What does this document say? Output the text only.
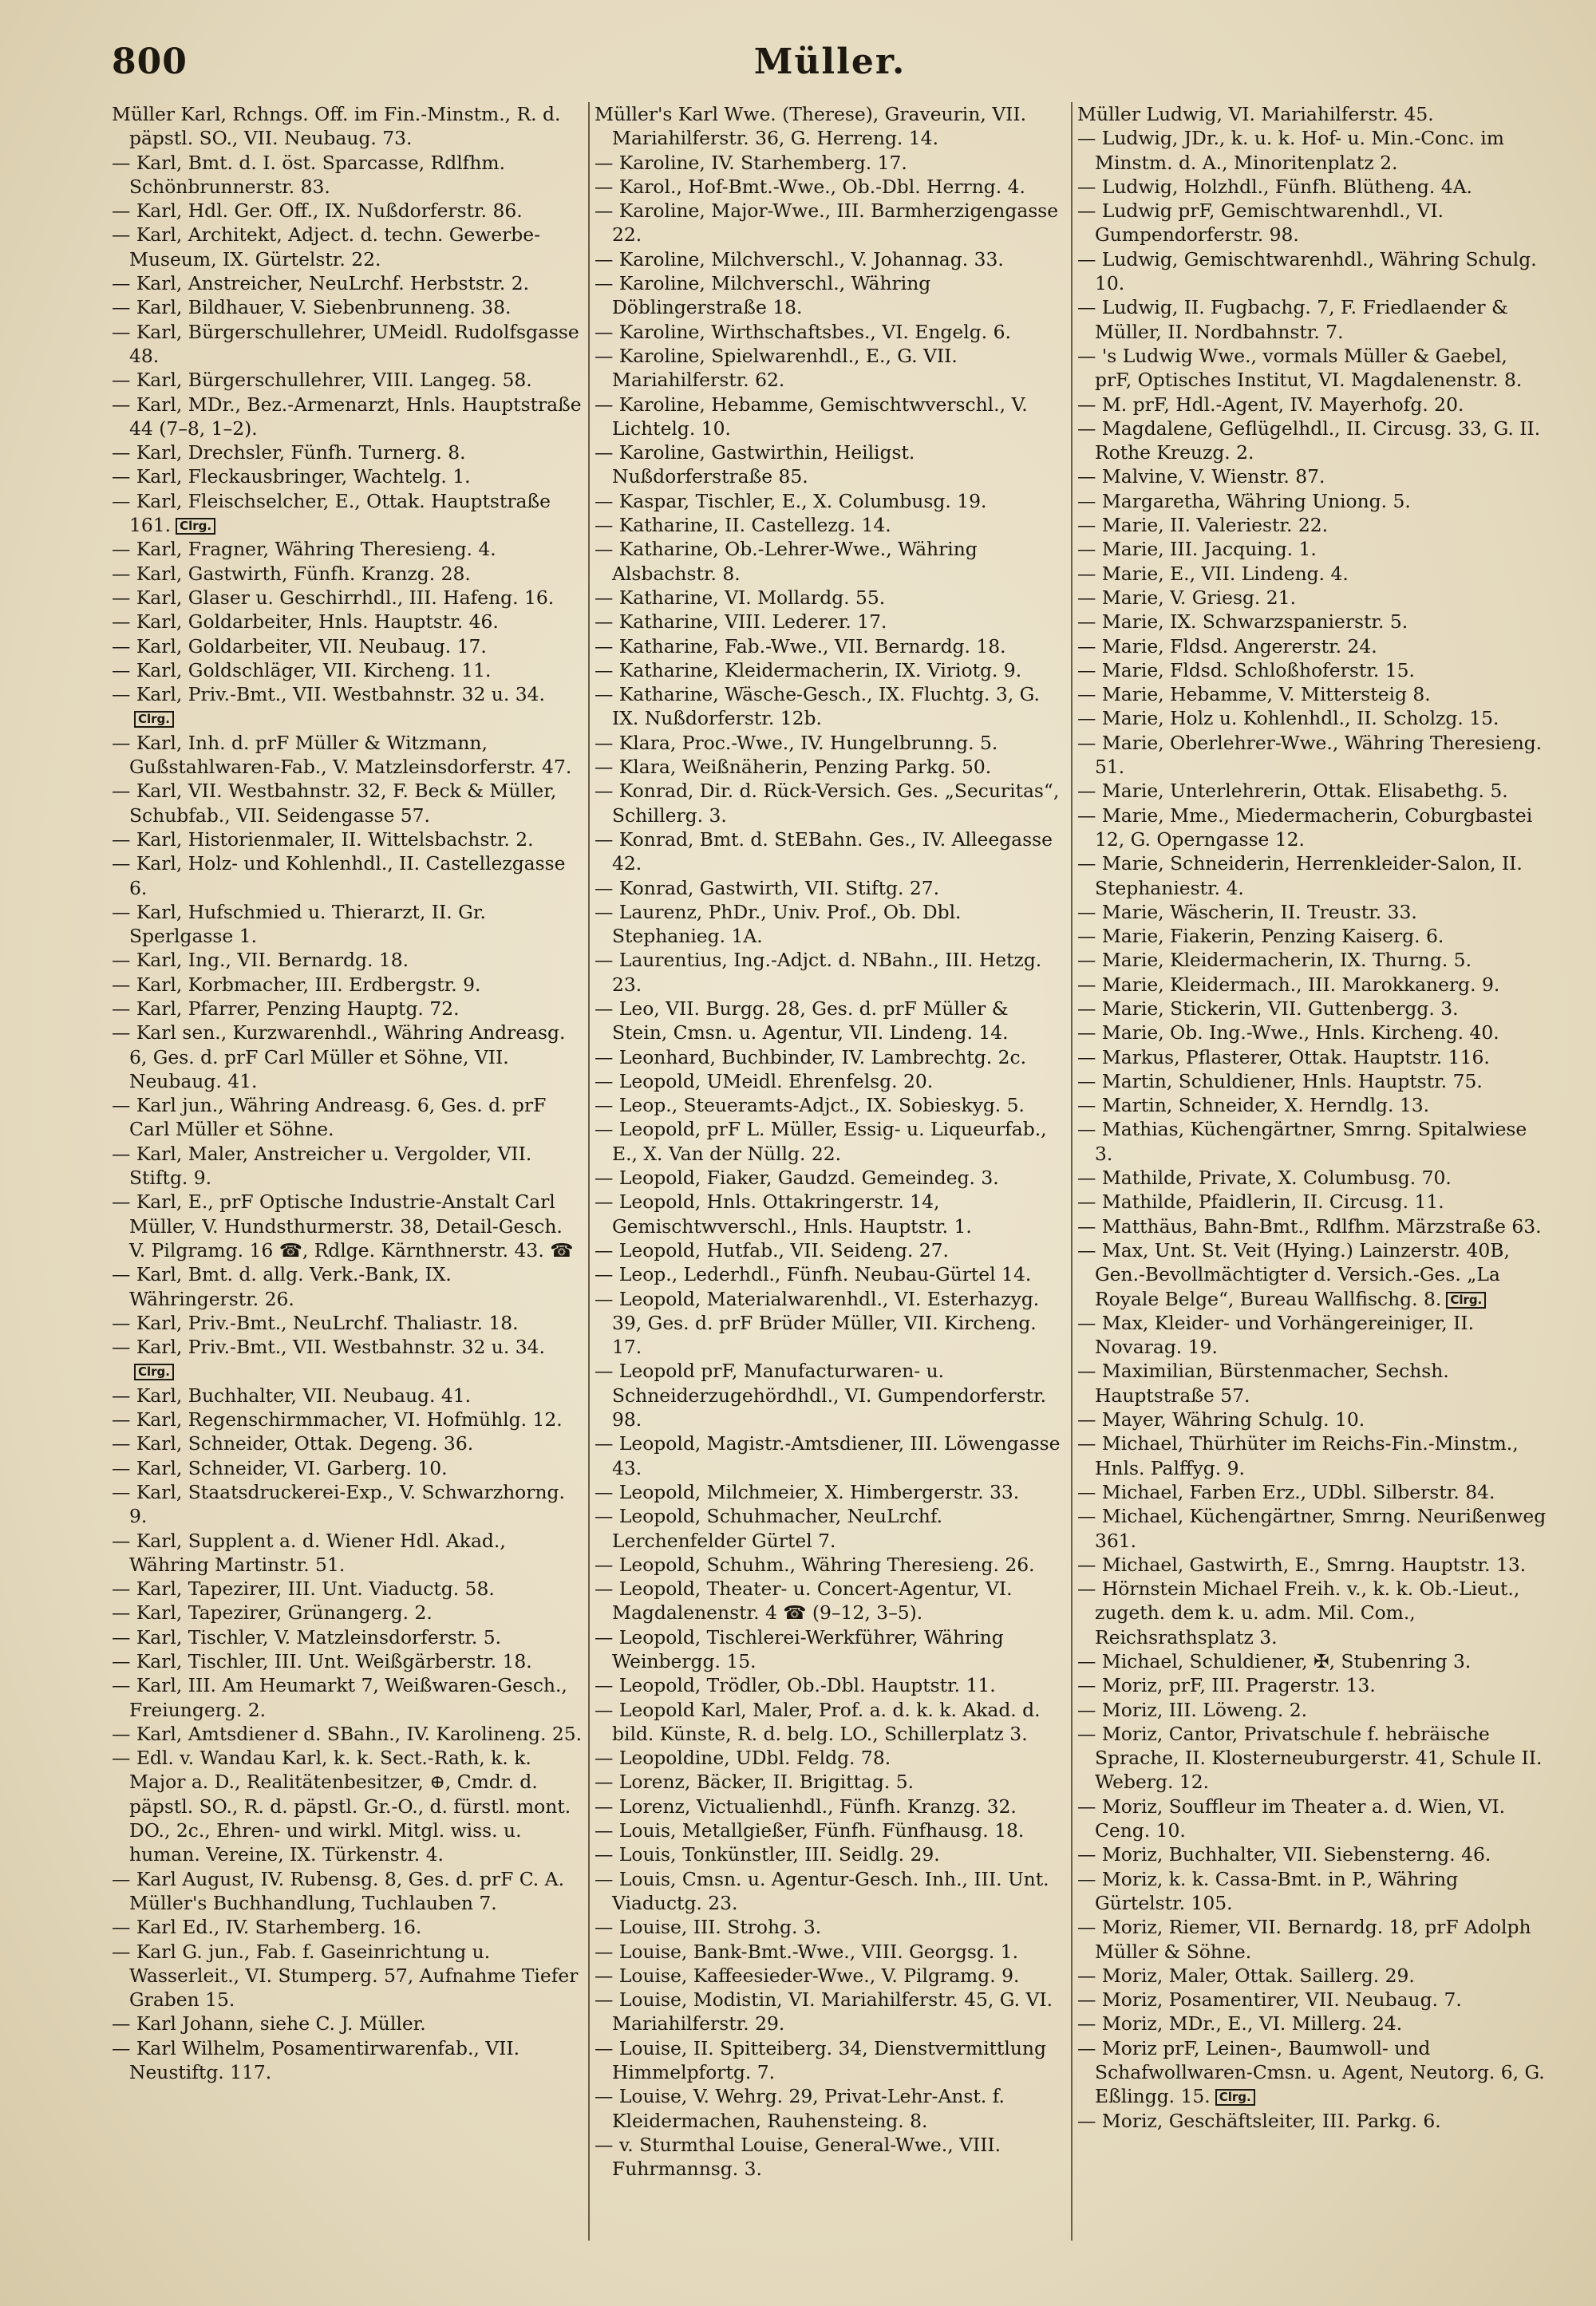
800	Müller.
Müller Karl, Rchngs. Off. im Fin.-Minstm., R. d. päpstl. SO., VII. Neubaug. 73.
— Karl, Bmt. d. I. öst. Sparcasse, Rdlfhm. Schönbrunnerstr. 83.
— Karl, Hdl. Ger. Off., IX. Nußdorferstr. 86.
— Karl, Architekt, Adject. d. techn. Gewerbe-Museum, IX. Gürtelstr. 22.
— Karl, Anstreicher, NeuLrchf. Herbststr. 2.
— Karl, Bildhauer, V. Siebenbrunneng. 38.
— Karl, Bürgerschullehrer, UMeidl. Rudolfsgasse 48.
— Karl, Bürgerschullehrer, VIII. Langeg. 58.
— Karl, MDr., Bez.-Armenarzt, Hnls. Hauptstraße 44 (7–8, 1–2).
— Karl, Drechsler, Fünfh. Turnerg. 8.
— Karl, Fleckausbringer, Wachtelg. 1.
— Karl, Fleischselcher, E., Ottak. Hauptstraße 161. Clrg.
— Karl, Fragner, Währing Theresieng. 4.
— Karl, Gastwirth, Fünfh. Kranzg. 28.
— Karl, Glaser u. Geschirrhdl., III. Hafeng. 16.
— Karl, Goldarbeiter, Hnls. Hauptstr. 46.
— Karl, Goldarbeiter, VII. Neubaug. 17.
— Karl, Goldschläger, VII. Kircheng. 11.
— Karl, Priv.-Bmt., VII. Westbahnstr. 32 u. 34.Clrg.
— Karl, Inh. d. prF Müller & Witzmann, Gußstahlwaren-Fab., V. Matzleinsdorferstr. 47.
— Karl, VII. Westbahnstr. 32, F. Beck & Müller, Schubfab., VII. Seidengasse 57.
— Karl, Historienmaler, II. Wittelsbachstr. 2.
— Karl, Holz- und Kohlenhdl., II. Castellezgasse 6.
— Karl, Hufschmied u. Thierarzt, II. Gr. Sperlgasse 1.
— Karl, Ing., VII. Bernardg. 18.
— Karl, Korbmacher, III. Erdbergstr. 9.
— Karl, Pfarrer, Penzing Hauptg. 72.
— Karl sen., Kurzwarenhdl., Währing Andreasg. 6, Ges. d. prF Carl Müller et Söhne, VII. Neubaug. 41.
— Karl jun., Währing Andreasg. 6, Ges. d. prF Carl Müller et Söhne.
— Karl, Maler, Anstreicher u. Vergolder, VII. Stiftg. 9.
— Karl, E., prF Optische Industrie-Anstalt Carl Müller, V. Hundsthurmerstr. 38, Detail-Gesch. V. Pilgramg. 16 ☎, Rdlge. Kärnthnerstr. 43. ☎
— Karl, Bmt. d. allg. Verk.-Bank, IX. Währingerstr. 26.
— Karl, Priv.-Bmt., NeuLrchf. Thaliastr. 18.
— Karl, Priv.-Bmt., VII. Westbahnstr. 32 u. 34.Clrg.
— Karl, Buchhalter, VII. Neubaug. 41.
— Karl, Regenschirmmacher, VI. Hofmühlg. 12.
— Karl, Schneider, Ottak. Degeng. 36.
— Karl, Schneider, VI. Garberg. 10.
— Karl, Staatsdruckerei-Exp., V. Schwarzhorng. 9.
— Karl, Supplent a. d. Wiener Hdl. Akad., Währing Martinstr. 51.
— Karl, Tapezirer, III. Unt. Viaductg. 58.
— Karl, Tapezirer, Grünangerg. 2.
— Karl, Tischler, V. Matzleinsdorferstr. 5.
— Karl, Tischler, III. Unt. Weißgärberstr. 18.
— Karl, III. Am Heumarkt 7, Weißwaren-Gesch., Freiungerg. 2.
— Karl, Amtsdiener d. SBahn., IV. Karolineng. 25.
— Edl. v. Wandau Karl, k. k. Sect.-Rath, k. k. Major a. D., Realitätenbesitzer, ⊕, Cmdr. d. päpstl. SO., R. d. päpstl. Gr.-O., d. fürstl. mont. DO., 2c., Ehren- und wirkl. Mitgl. wiss. u. human. Vereine, IX. Türkenstr. 4.
— Karl August, IV. Rubensg. 8, Ges. d. prF C. A. Müller's Buchhandlung, Tuchlauben 7.
— Karl Ed., IV. Starhemberg. 16.
— Karl G. jun., Fab. f. Gaseinrichtung u. Wasserleit., VI. Stumperg. 57, Aufnahme Tiefer Graben 15.
— Karl Johann, siehe C. J. Müller.
— Karl Wilhelm, Posamentirwarenfab., VII. Neustiftg. 117.
Müller's Karl Wwe. (Therese), Graveurin, VII. Mariahilferstr. 36, G. Herreng. 14.
— Karoline, IV. Starhemberg. 17.
— Karol., Hof-Bmt.-Wwe., Ob.-Dbl. Herrng. 4.
— Karoline, Major-Wwe., III. Barmherzigengasse 22.
— Karoline, Milchverschl., V. Johannag. 33.
— Karoline, Milchverschl., Währing Döblingerstraße 18.
— Karoline, Wirthschaftsbes., VI. Engelg. 6.
— Karoline, Spielwarenhdl., E., G. VII. Mariahilferstr. 62.
— Karoline, Hebamme, Gemischtwverschl., V. Lichtelg. 10.
— Karoline, Gastwirthin, Heiligst. Nußdorferstraße 85.
— Kaspar, Tischler, E., X. Columbusg. 19.
— Katharine, II. Castellezg. 14.
— Katharine, Ob.-Lehrer-Wwe., Währing Alsbachstr. 8.
— Katharine, VI. Mollardg. 55.
— Katharine, VIII. Lederer. 17.
— Katharine, Fab.-Wwe., VII. Bernardg. 18.
— Katharine, Kleidermacherin, IX. Viriotg. 9.
— Katharine, Wäsche-Gesch., IX. Fluchtg. 3, G. IX. Nußdorferstr. 12b.
— Klara, Proc.-Wwe., IV. Hungelbrunng. 5.
— Klara, Weißnäherin, Penzing Parkg. 50.
— Konrad, Dir. d. Rück-Versich. Ges. „Securitas“, Schillerg. 3.
— Konrad, Bmt. d. StEBahn. Ges., IV. Alleegasse 42.
— Konrad, Gastwirth, VII. Stiftg. 27.
— Laurenz, PhDr., Univ. Prof., Ob. Dbl. Stephanieg. 1A.
— Laurentius, Ing.-Adjct. d. NBahn., III. Hetzg. 23.
— Leo, VII. Burgg. 28, Ges. d. prF Müller & Stein, Cmsn. u. Agentur, VII. Lindeng. 14.
— Leonhard, Buchbinder, IV. Lambrechtg. 2c.
— Leopold, UMeidl. Ehrenfelsg. 20.
— Leop., Steueramts-Adjct., IX. Sobieskyg. 5.
— Leopold, prF L. Müller, Essig- u. Liqueurfab., E., X. Van der Nüllg. 22.
— Leopold, Fiaker, Gaudzd. Gemeindeg. 3.
— Leopold, Hnls. Ottakringerstr. 14, Gemischtwverschl., Hnls. Hauptstr. 1.
— Leopold, Hutfab., VII. Seideng. 27.
— Leop., Lederhdl., Fünfh. Neubau-Gürtel 14.
— Leopold, Materialwarenhdl., VI. Esterhazyg. 39, Ges. d. prF Brüder Müller, VII. Kircheng. 17.
— Leopold prF, Manufacturwaren- u. Schneiderzugehördhdl., VI. Gumpendorferstr. 98.
— Leopold, Magistr.-Amtsdiener, III. Löwengasse 43.
— Leopold, Milchmeier, X. Himbergerstr. 33.
— Leopold, Schuhmacher, NeuLrchf. Lerchenfelder Gürtel 7.
— Leopold, Schuhm., Währing Theresieng. 26.
— Leopold, Theater- u. Concert-Agentur, VI. Magdalenenstr. 4 ☎ (9–12, 3–5).
— Leopold, Tischlerei-Werkführer, Währing Weinbergg. 15.
— Leopold, Trödler, Ob.-Dbl. Hauptstr. 11.
— Leopold Karl, Maler, Prof. a. d. k. k. Akad. d. bild. Künste, R. d. belg. LO., Schillerplatz 3.
— Leopoldine, UDbl. Feldg. 78.
— Lorenz, Bäcker, II. Brigittag. 5.
— Lorenz, Victualienhdl., Fünfh. Kranzg. 32.
— Louis, Metallgießer, Fünfh. Fünfhausg. 18.
— Louis, Tonkünstler, III. Seidlg. 29.
— Louis, Cmsn. u. Agentur-Gesch. Inh., III. Unt. Viaductg. 23.
— Louise, III. Strohg. 3.
— Louise, Bank-Bmt.-Wwe., VIII. Georgsg. 1.
— Louise, Kaffeesieder-Wwe., V. Pilgramg. 9.
— Louise, Modistin, VI. Mariahilferstr. 45, G. VI. Mariahilferstr. 29.
— Louise, II. Spitteiberg. 34, Dienstvermittlung Himmelpfortg. 7.
— Louise, V. Wehrg. 29, Privat-Lehr-Anst. f. Kleidermachen, Rauhensteing. 8.
— v. Sturmthal Louise, General-Wwe., VIII. Fuhrmannsg. 3.
Müller Ludwig, VI. Mariahilferstr. 45.
— Ludwig, JDr., k. u. k. Hof- u. Min.-Conc. im Minstm. d. A., Minoritenplatz 2.
— Ludwig, Holzhdl., Fünfh. Blütheng. 4A.
— Ludwig prF, Gemischtwarenhdl., VI. Gumpendorferstr. 98.
— Ludwig, Gemischtwarenhdl., Währing Schulg. 10.
— Ludwig, II. Fugbachg. 7, F. Friedlaender & Müller, II. Nordbahnstr. 7.
— 's Ludwig Wwe., vormals Müller & Gaebel, prF, Optisches Institut, VI. Magdalenenstr. 8.
— M. prF, Hdl.-Agent, IV. Mayerhofg. 20.
— Magdalene, Geflügelhdl., II. Circusg. 33, G. II. Rothe Kreuzg. 2.
— Malvine, V. Wienstr. 87.
— Margaretha, Währing Uniong. 5.
— Marie, II. Valeriestr. 22.
— Marie, III. Jacquing. 1.
— Marie, E., VII. Lindeng. 4.
— Marie, V. Griesg. 21.
— Marie, IX. Schwarzspanierstr. 5.
— Marie, Fldsd. Angererstr. 24.
— Marie, Fldsd. Schloßhoferstr. 15.
— Marie, Hebamme, V. Mittersteig 8.
— Marie, Holz u. Kohlenhdl., II. Scholzg. 15.
— Marie, Oberlehrer-Wwe., Währing Theresieng. 51.
— Marie, Unterlehrerin, Ottak. Elisabethg. 5.
— Marie, Mme., Miedermacherin, Coburgbastei 12, G. Operngasse 12.
— Marie, Schneiderin, Herrenkleider-Salon, II. Stephaniestr. 4.
— Marie, Wäscherin, II. Treustr. 33.
— Marie, Fiakerin, Penzing Kaiserg. 6.
— Marie, Kleidermacherin, IX. Thurng. 5.
— Marie, Kleidermach., III. Marokkanerg. 9.
— Marie, Stickerin, VII. Guttenbergg. 3.
— Marie, Ob. Ing.-Wwe., Hnls. Kircheng. 40.
— Markus, Pflasterer, Ottak. Hauptstr. 116.
— Martin, Schuldiener, Hnls. Hauptstr. 75.
— Martin, Schneider, X. Herndlg. 13.
— Mathias, Küchengärtner, Smrng. Spitalwiese 3.
— Mathilde, Private, X. Columbusg. 70.
— Mathilde, Pfaidlerin, II. Circusg. 11.
— Matthäus, Bahn-Bmt., Rdlfhm. Märzstraße 63.
— Max, Unt. St. Veit (Hying.) Lainzerstr. 40B, Gen.-Bevollmächtigter d. Versich.-Ges. „La Royale Belge“, Bureau Wallfischg. 8. Clrg.
— Max, Kleider- und Vorhängereiniger, II. Novarag. 19.
— Maximilian, Bürstenmacher, Sechsh. Hauptstraße 57.
— Mayer, Währing Schulg. 10.
— Michael, Thürhüter im Reichs-Fin.-Minstm., Hnls. Palffyg. 9.
— Michael, Farben Erz., UDbl. Silberstr. 84.
— Michael, Küchengärtner, Smrng. Neurißenweg 361.
— Michael, Gastwirth, E., Smrng. Hauptstr. 13.
— Hörnstein Michael Freih. v., k. k. Ob.-Lieut., zugeth. dem k. u. adm. Mil. Com., Reichsrathsplatz 3.
— Michael, Schuldiener, ✠, Stubenring 3.
— Moriz, prF, III. Pragerstr. 13.
— Moriz, III. Löweng. 2.
— Moriz, Cantor, Privatschule f. hebräische Sprache, II. Klosterneuburgerstr. 41, Schule II. Weberg. 12.
— Moriz, Souffleur im Theater a. d. Wien, VI. Ceng. 10.
— Moriz, Buchhalter, VII. Siebensterng. 46.
— Moriz, k. k. Cassa-Bmt. in P., Währing Gürtelstr. 105.
— Moriz, Riemer, VII. Bernardg. 18, prF Adolph Müller & Söhne.
— Moriz, Maler, Ottak. Saillerg. 29.
— Moriz, Posamentirer, VII. Neubaug. 7.
— Moriz, MDr., E., VI. Millerg. 24.
— Moriz prF, Leinen-, Baumwoll- und Schafwollwaren-Cmsn. u. Agent, Neutorg. 6, G. Eßlingg. 15. Clrg.
— Moriz, Geschäftsleiter, III. Parkg. 6.
